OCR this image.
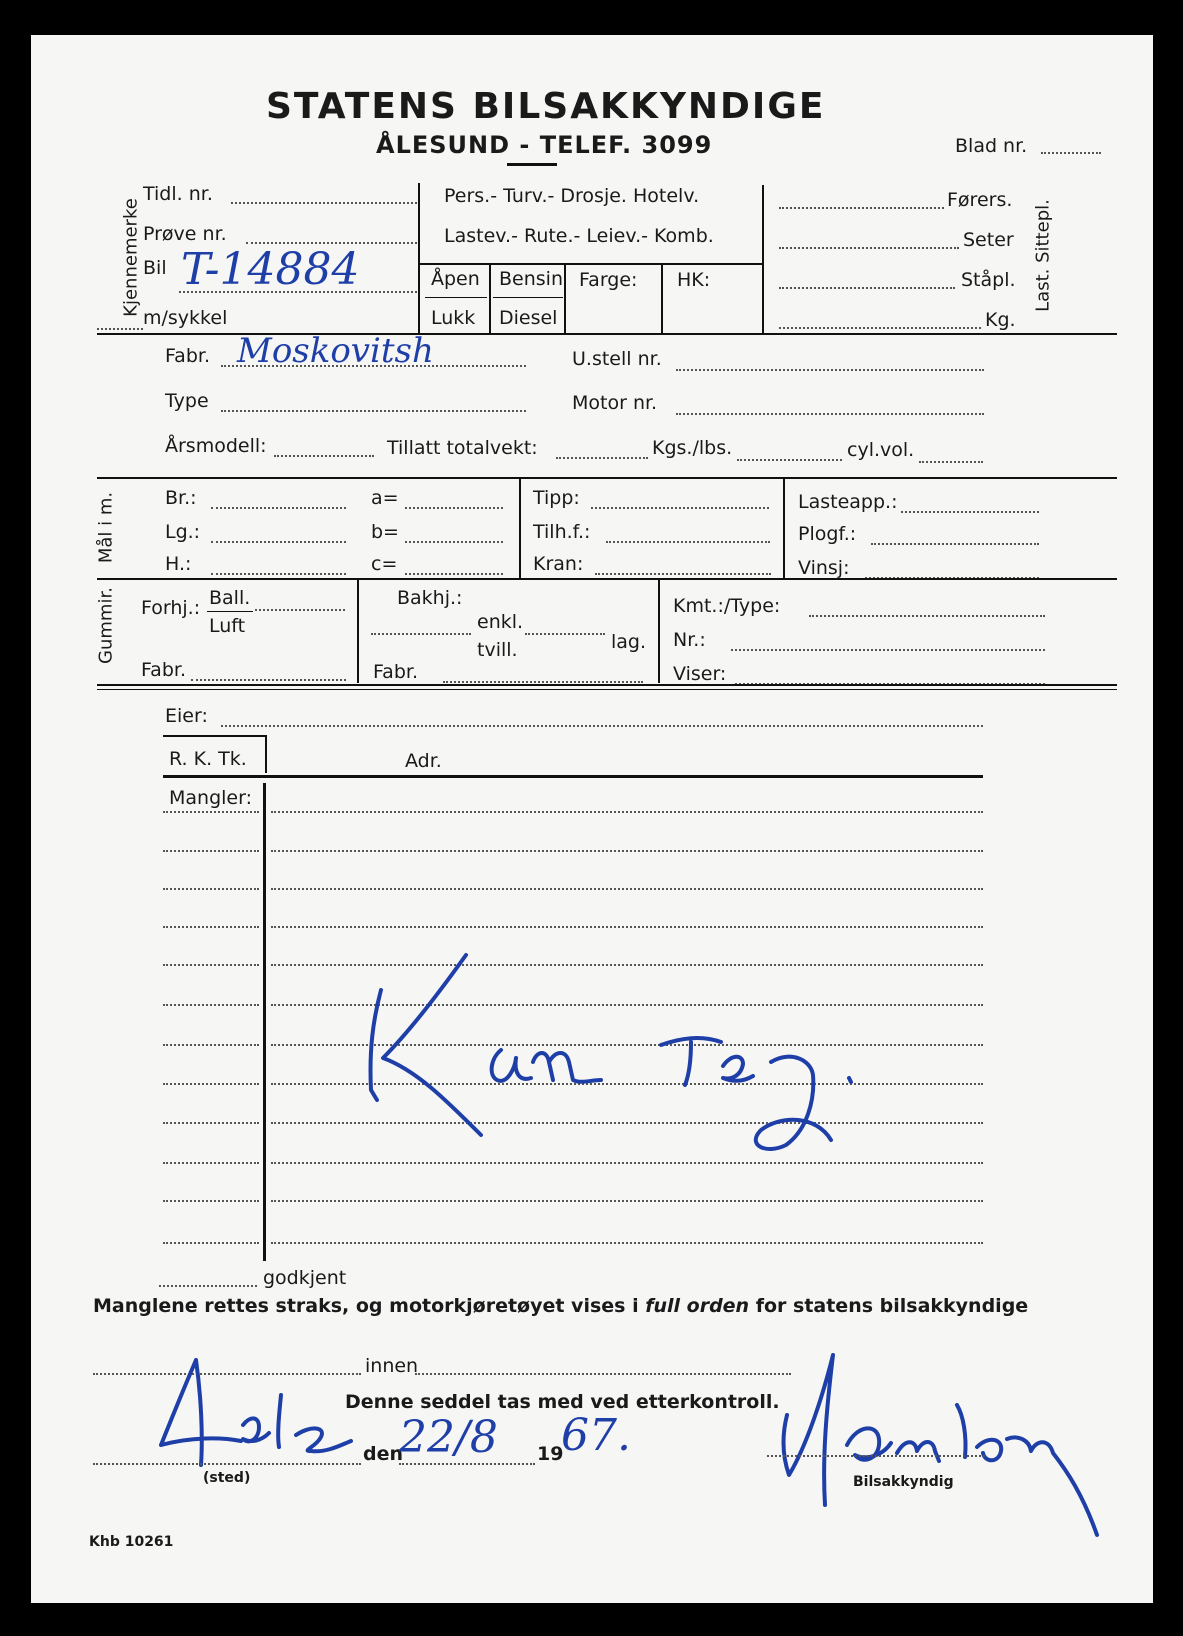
STATENS BILSAKKYNDIGE
ÅLESUND - TELEF. 3099	Blad nr.
Kjennemerke
Tidl. nr.
Prøve nr.
Bil T-14884
m/sykkel
Pers.- Turv.- Drosje. Hotelv.
Lastev.- Rute.- Leiev.- Komb.
Åpen
Lukk
Bensin
Diesel
Farge: HK:
Førers.
Seter
Ståpl.
Kg.
Last. Sittepl.
Fabr. Moskovitsh
Type
Årsmodell:	Tillatt totalvekt:	Kgs./lbs.	cyl.vol.
U.stell nr.
Motor nr.
Mål i m.	Br.:
Lg.:
H.:
a=
b=
c=
Tipp:
Tilh.f.:
Kran:
Lasteapp.:
Plogf.:
Vinsj:
Gummir. Forhj.: Ball.
Luft
Fabr.
Bakhj.:
enkl.
tvill.	lag.
Fabr.
Kmt.:/Type:
Nr.:
Viser:
Eier:
R. K. Tk.	Adr.
Mangler:
godkjent
Manglene rettes straks, og motorkjøretøyet vises i full orden for statens bilsakkyndige
innen
Denne seddel tas med ved etterkontroll.
(sted)
den
22/8 19
67.
Bilsakkyndig
Khb 10261
